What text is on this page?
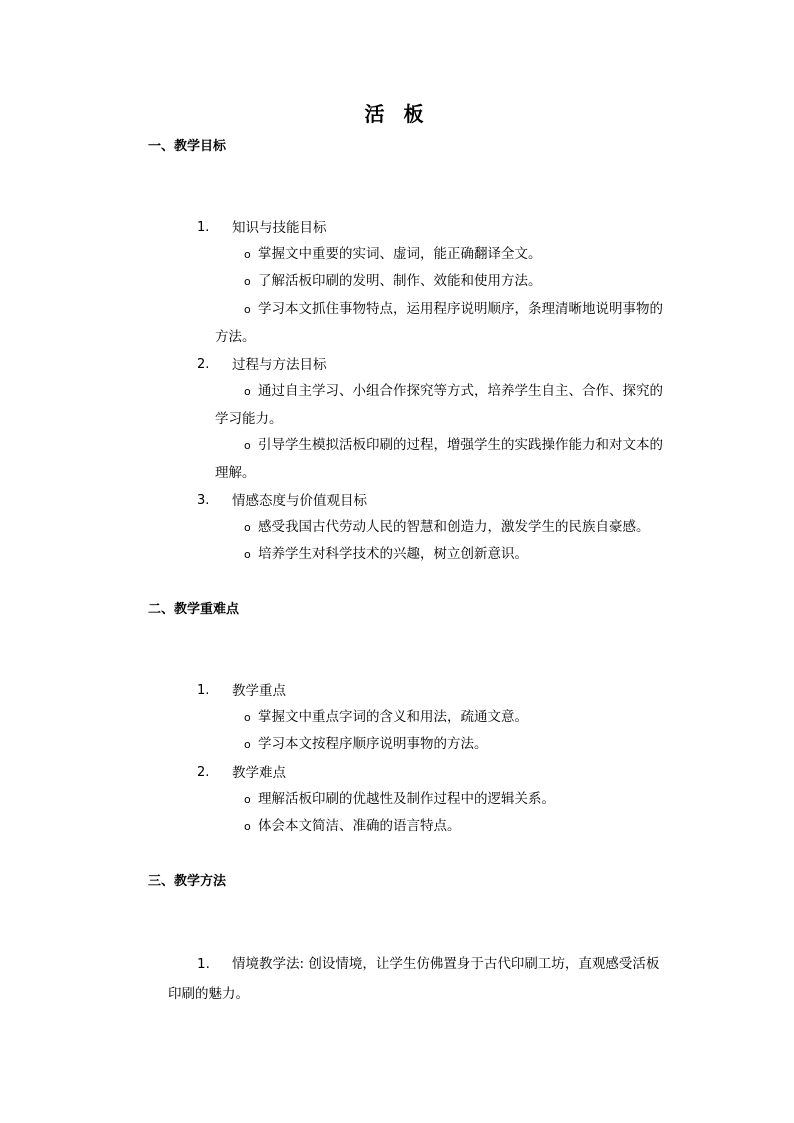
活 板
一、教学目标
1. 知识与技能目标
o 掌握文中重要的实词、虚词，能正确翻译全文。
o 了解活板印刷的发明、制作、效能和使用方法。
o 学习本文抓住事物特点，运用程序说明顺序，条理清晰地说明事物的
方法。
2. 过程与方法目标
o 通过自主学习、小组合作探究等方式，培养学生自主、合作、探究的
学习能力。
o 引导学生模拟活板印刷的过程，增强学生的实践操作能力和对文本的
理解。
3. 情感态度与价值观目标
o 感受我国古代劳动人民的智慧和创造力，激发学生的民族自豪感。
o 培养学生对科学技术的兴趣，树立创新意识。
二、教学重难点
1. 教学重点
o 掌握文中重点字词的含义和用法，疏通文意。
o 学习本文按程序顺序说明事物的方法。
2. 教学难点
o 理解活板印刷的优越性及制作过程中的逻辑关系。
o 体会本文简洁、准确的语言特点。
三、教学方法
1. 情境教学法: 创设情境，让学生仿佛置身于古代印刷工坊，直观感受活板
印刷的魅力。
